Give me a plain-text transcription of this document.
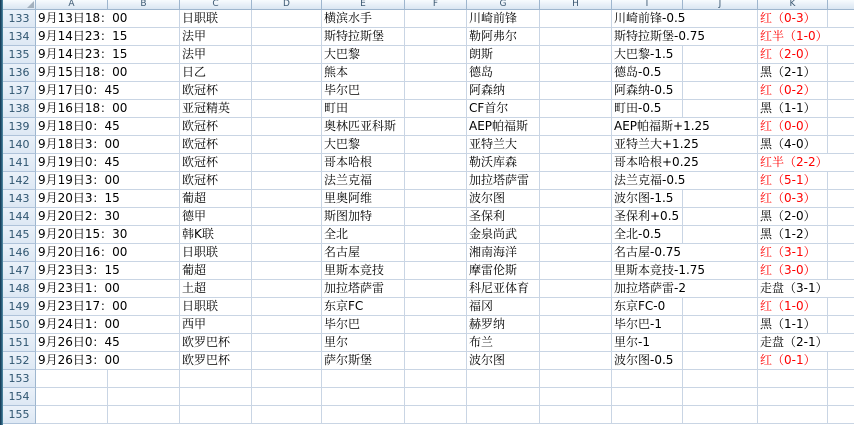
A	B	C	D	E	F	G	H	I	J	K
133 9月13日18：00	日职联	横滨水手	川崎前锋	川崎前锋-0.5	红（0-3）
134 9月14日23：15	法甲	斯特拉斯堡	勒阿弗尔	斯特拉斯堡-0.75	红半（1-0）
135 9月14日23：15	法甲	大巴黎	朗斯	大巴黎-1.5	红（2-0）
136 9月15日18：00	日乙	熊本	德岛	德岛-0.5	黑（2-1）
137 9月17日0：45	欧冠杯	毕尔巴	阿森纳	阿森纳-0.5	红（0-2）
138 9月16日18：00	亚冠精英	町田	CF首尔	町田-0.5	黑（1-1）
139 9月18日0：45	欧冠杯	奥林匹亚科斯	AEP帕福斯	AEP帕福斯+1.25	红（0-0）
140 9月18日3：00	欧冠杯	大巴黎	亚特兰大	亚特兰大+1.25	黑（4-0）
141 9月19日0：45	欧冠杯	哥本哈根	勒沃库森	哥本哈根+0.25	红半（2-2）
142 9月19日3：00	欧冠杯	法兰克福	加拉塔萨雷	法兰克福-0.5	红（5-1）
143 9月20日3：15	葡超	里奥阿维	波尔图	波尔图-1.5	红（0-3）
144 9月20日2：30	德甲	斯图加特	圣保利	圣保利+0.5	黑（2-0）
145 9月20日15：30	韩K联	全北	金泉尚武	全北-0.5	黑（1-2）
146 9月20日16：00	日职联	名古屋	湘南海洋	名古屋-0.75	红（3-1）
147 9月23日3：15	葡超	里斯本竞技	摩雷伦斯	里斯本竞技-1.75	红（3-0）
148 9月23日1：00	土超	加拉塔萨雷	科尼亚体育	加拉塔萨雷-2	走盘（3-1）
149 9月23日17：00	日职联	东京FC	福冈	东京FC-0	红（1-0）
150 9月24日1：00	西甲	毕尔巴	赫罗纳	毕尔巴-1	黑（1-1）
151 9月26日0：45	欧罗巴杯	里尔	布兰	里尔-1	走盘（2-1）
152 9月26日3：00	欧罗巴杯	萨尔斯堡	波尔图	波尔图-0.5	红（0-1）
153
154
155
